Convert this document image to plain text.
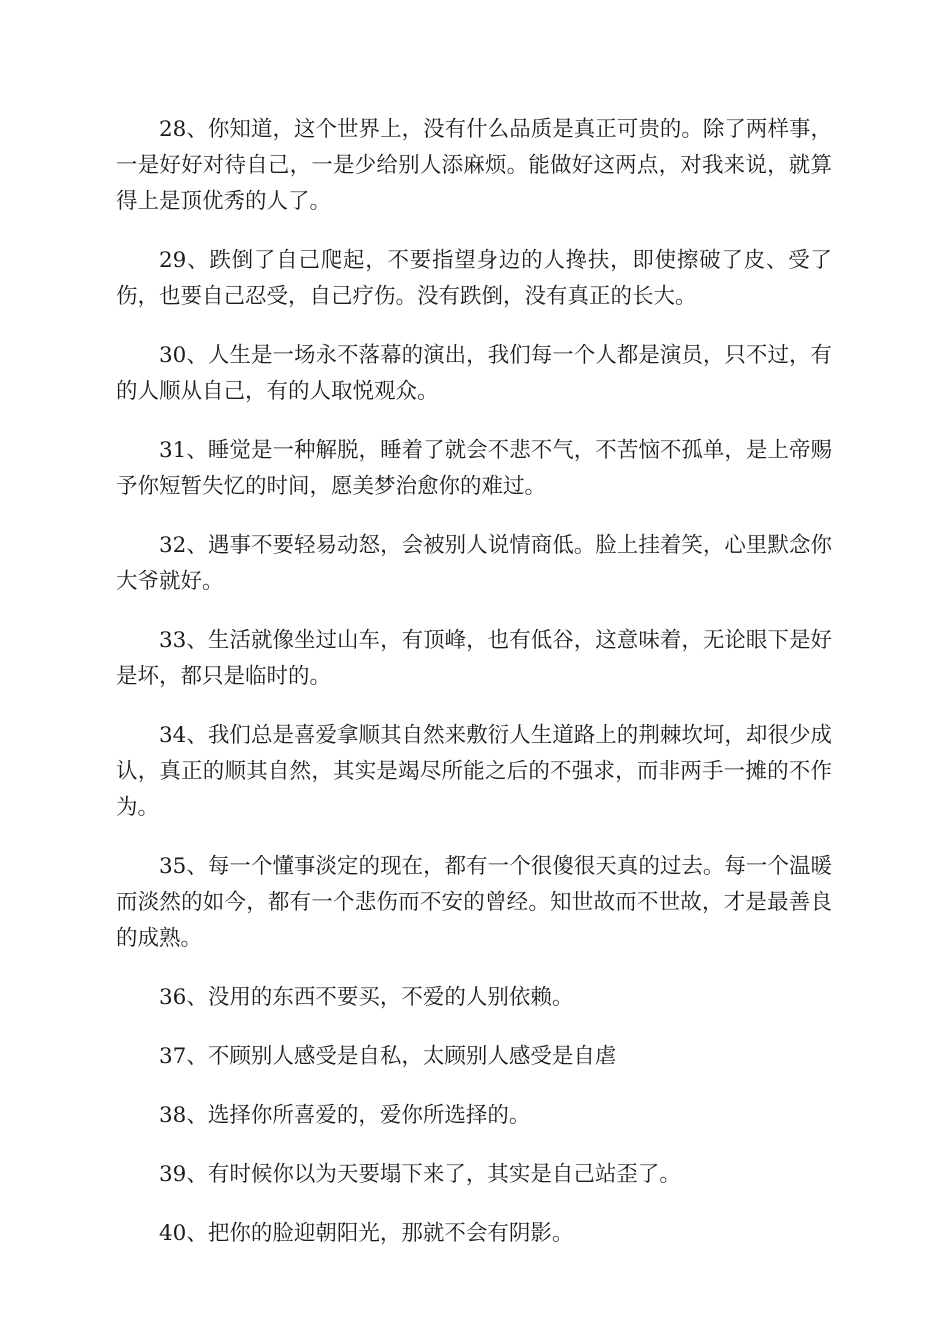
28、你知道，这个世界上，没有什么品质是真正可贵的。除了两样事，一是好好对待自己，一是少给别人添麻烦。能做好这两点，对我来说，就算得上是顶优秀的人了。

29、跌倒了自己爬起，不要指望身边的人搀扶，即使擦破了皮、受了伤，也要自己忍受，自己疗伤。没有跌倒，没有真正的长大。

30、人生是一场永不落幕的演出，我们每一个人都是演员，只不过，有的人顺从自己，有的人取悦观众。

31、睡觉是一种解脱，睡着了就会不悲不气，不苦恼不孤单，是上帝赐予你短暂失忆的时间，愿美梦治愈你的难过。

32、遇事不要轻易动怒，会被别人说情商低。脸上挂着笑，心里默念你大爷就好。

33、生活就像坐过山车，有顶峰，也有低谷，这意味着，无论眼下是好是坏，都只是临时的。

34、我们总是喜爱拿顺其自然来敷衍人生道路上的荆棘坎坷，却很少成认，真正的顺其自然，其实是竭尽所能之后的不强求，而非两手一摊的不作为。

35、每一个懂事淡定的现在，都有一个很傻很天真的过去。每一个温暖而淡然的如今，都有一个悲伤而不安的曾经。知世故而不世故，才是最善良的成熟。

36、没用的东西不要买，不爱的人别依赖。

37、不顾别人感受是自私，太顾别人感受是自虐

38、选择你所喜爱的，爱你所选择的。

39、有时候你以为天要塌下来了，其实是自己站歪了。

40、把你的脸迎朝阳光，那就不会有阴影。
